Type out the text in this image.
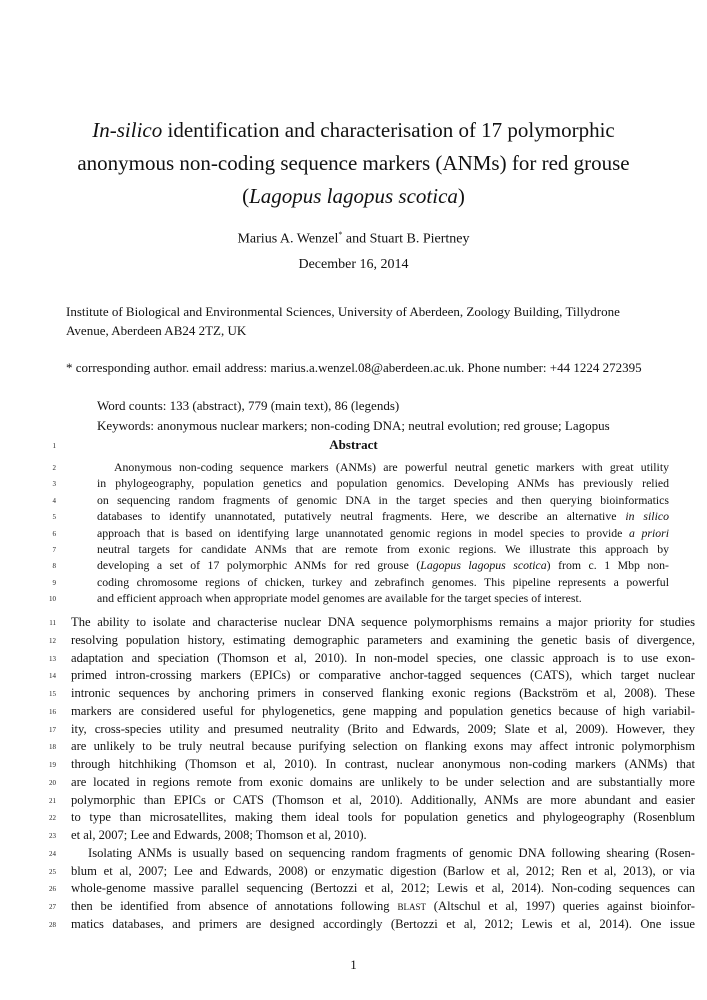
In-silico identification and characterisation of 17 polymorphic
anonymous non-coding sequence markers (ANMs) for red grouse
(Lagopus lagopus scotica)
Marius A. Wenzel* and Stuart B. Piertney
December 16, 2014
Institute of Biological and Environmental Sciences, University of Aberdeen, Zoology Building, Tillydrone
Avenue, Aberdeen AB24 2TZ, UK
* corresponding author. email address: marius.a.wenzel.08@aberdeen.ac.uk. Phone number: +44 1224 272395
Word counts: 133 (abstract), 779 (main text), 86 (legends)
Keywords: anonymous nuclear markers; non-coding DNA; neutral evolution; red grouse; Lagopus
1	Abstract
2	Anonymous non-coding sequence markers (ANMs) are powerful neutral genetic markers with great utility
3	in phylogeography, population genetics and population genomics. Developing ANMs has previously relied
4	on sequencing random fragments of genomic DNA in the target species and then querying bioinformatics
5	databases to identify unannotated, putatively neutral fragments. Here, we describe an alternative in silico
6	approach that is based on identifying large unannotated genomic regions in model species to provide a priori
7	neutral targets for candidate ANMs that are remote from exonic regions. We illustrate this approach by
8	developing a set of 17 polymorphic ANMs for red grouse (Lagopus lagopus scotica) from c. 1 Mbp non-
9	coding chromosome regions of chicken, turkey and zebrafinch genomes. This pipeline represents a powerful
10	and efficient approach when appropriate model genomes are available for the target species of interest.
11 The ability to isolate and characterise nuclear DNA sequence polymorphisms remains a major priority for studies
12 resolving population history, estimating demographic parameters and examining the genetic basis of divergence,
13 adaptation and speciation (Thomson et al, 2010). In non-model species, one classic approach is to use exon-
14 primed intron-crossing markers (EPICs) or comparative anchor-tagged sequences (CATS), which target nuclear
15 intronic sequences by anchoring primers in conserved flanking exonic regions (Backström et al, 2008). These
16 markers are considered useful for phylogenetics, gene mapping and population genetics because of high variabil-
17 ity, cross-species utility and presumed neutrality (Brito and Edwards, 2009; Slate et al, 2009). However, they
18 are unlikely to be truly neutral because purifying selection on flanking exons may affect intronic polymorphism
19 through hitchhiking (Thomson et al, 2010). In contrast, nuclear anonymous non-coding markers (ANMs) that
20 are located in regions remote from exonic domains are unlikely to be under selection and are substantially more
21 polymorphic than EPICs or CATS (Thomson et al, 2010). Additionally, ANMs are more abundant and easier
22 to type than microsatellites, making them ideal tools for population genetics and phylogeography (Rosenblum
23 et al, 2007; Lee and Edwards, 2008; Thomson et al, 2010).
24	Isolating ANMs is usually based on sequencing random fragments of genomic DNA following shearing (Rosen-
25 blum et al, 2007; Lee and Edwards, 2008) or enzymatic digestion (Barlow et al, 2012; Ren et al, 2013), or via
26 whole-genome massive parallel sequencing (Bertozzi et al, 2012; Lewis et al, 2014). Non-coding sequences can
27 then be identified from absence of annotations following blast (Altschul et al, 1997) queries against bioinfor-
28 matics databases, and primers are designed accordingly (Bertozzi et al, 2012; Lewis et al, 2014). One issue
1
